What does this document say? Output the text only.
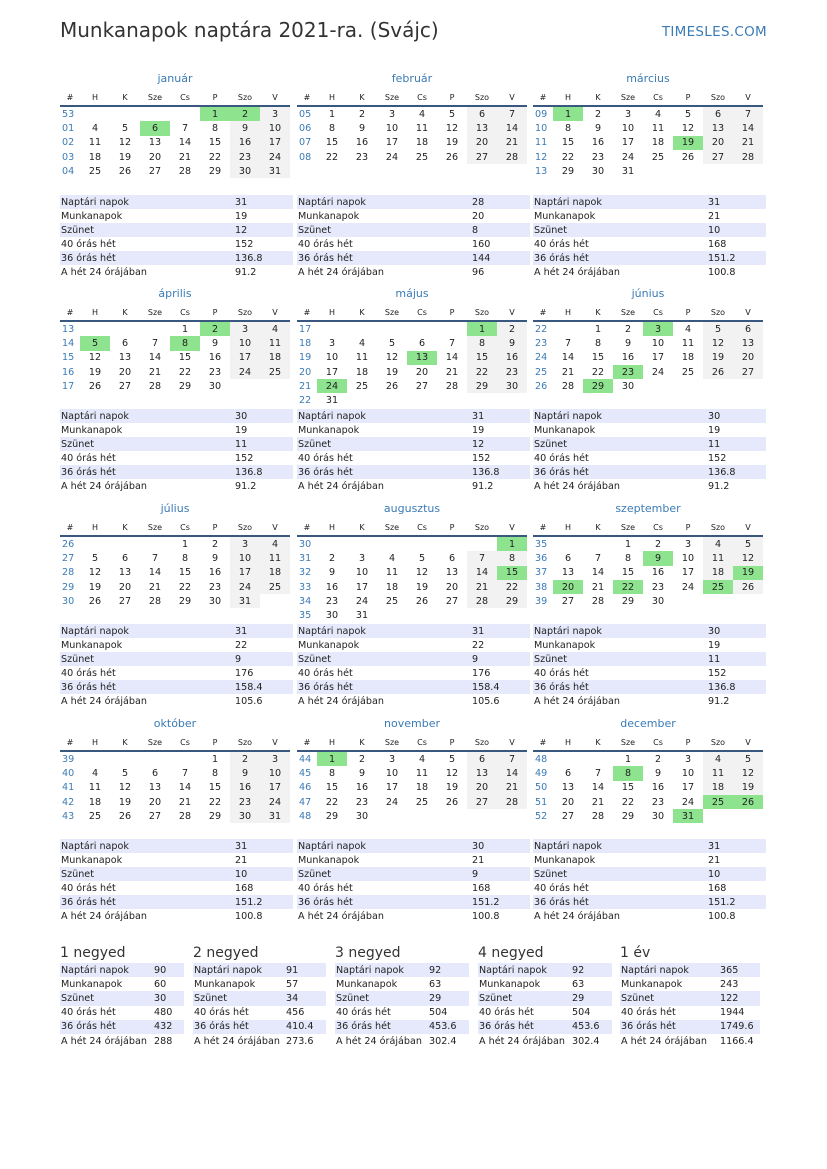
Munkanapok naptára 2021-ra. (Svájc)	TIMESLES.COM
január
#	H	K	Sze	Cs	P	Szo	V
53					1	2	3
01	4	5	6	7	8	9	10
02	11	12	13	14	15	16	17
03	18	19	20	21	22	23	24
04	25	26	27	28	29	30	31
Naptári napok	31
Munkanapok	19
Szünet	12
40 órás hét	152
36 órás hét	136.8
A hét 24 órájában	91.2
február
#	H	K	Sze	Cs	P	Szo	V
05	1	2	3	4	5	6	7
06	8	9	10	11	12	13	14
07	15	16	17	18	19	20	21
08	22	23	24	25	26	27	28
Naptári napok	28
Munkanapok	20
Szünet	8
40 órás hét	160
36 órás hét	144
A hét 24 órájában	96
március
#	H	K	Sze	Cs	P	Szo	V
09	1	2	3	4	5	6	7
10	8	9	10	11	12	13	14
11	15	16	17	18	19	20	21
12	22	23	24	25	26	27	28
13	29	30	31				
Naptári napok	31
Munkanapok	21
Szünet	10
40 órás hét	168
36 órás hét	151.2
A hét 24 órájában	100.8
április
#	H	K	Sze	Cs	P	Szo	V
13				1	2	3	4
14	5	6	7	8	9	10	11
15	12	13	14	15	16	17	18
16	19	20	21	22	23	24	25
17	26	27	28	29	30		
Naptári napok	30
Munkanapok	19
Szünet	11
40 órás hét	152
36 órás hét	136.8
A hét 24 órájában	91.2
május
#	H	K	Sze	Cs	P	Szo	V
17						1	2
18	3	4	5	6	7	8	9
19	10	11	12	13	14	15	16
20	17	18	19	20	21	22	23
21	24	25	26	27	28	29	30
22	31						
Naptári napok	31
Munkanapok	19
Szünet	12
40 órás hét	152
36 órás hét	136.8
A hét 24 órájában	91.2
június
#	H	K	Sze	Cs	P	Szo	V
22		1	2	3	4	5	6
23	7	8	9	10	11	12	13
24	14	15	16	17	18	19	20
25	21	22	23	24	25	26	27
26	28	29	30				
Naptári napok	30
Munkanapok	19
Szünet	11
40 órás hét	152
36 órás hét	136.8
A hét 24 órájában	91.2
július
#	H	K	Sze	Cs	P	Szo	V
26				1	2	3	4
27	5	6	7	8	9	10	11
28	12	13	14	15	16	17	18
29	19	20	21	22	23	24	25
30	26	27	28	29	30	31	
Naptári napok	31
Munkanapok	22
Szünet	9
40 órás hét	176
36 órás hét	158.4
A hét 24 órájában	105.6
augusztus
#	H	K	Sze	Cs	P	Szo	V
30							1
31	2	3	4	5	6	7	8
32	9	10	11	12	13	14	15
33	16	17	18	19	20	21	22
34	23	24	25	26	27	28	29
35	30	31					
Naptári napok	31
Munkanapok	22
Szünet	9
40 órás hét	176
36 órás hét	158.4
A hét 24 órájában	105.6
szeptember
#	H	K	Sze	Cs	P	Szo	V
35			1	2	3	4	5
36	6	7	8	9	10	11	12
37	13	14	15	16	17	18	19
38	20	21	22	23	24	25	26
39	27	28	29	30			
Naptári napok	30
Munkanapok	19
Szünet	11
40 órás hét	152
36 órás hét	136.8
A hét 24 órájában	91.2
október
#	H	K	Sze	Cs	P	Szo	V
39					1	2	3
40	4	5	6	7	8	9	10
41	11	12	13	14	15	16	17
42	18	19	20	21	22	23	24
43	25	26	27	28	29	30	31
Naptári napok	31
Munkanapok	21
Szünet	10
40 órás hét	168
36 órás hét	151.2
A hét 24 órájában	100.8
november
#	H	K	Sze	Cs	P	Szo	V
44	1	2	3	4	5	6	7
45	8	9	10	11	12	13	14
46	15	16	17	18	19	20	21
47	22	23	24	25	26	27	28
48	29	30					
Naptári napok	30
Munkanapok	21
Szünet	9
40 órás hét	168
36 órás hét	151.2
A hét 24 órájában	100.8
december
#	H	K	Sze	Cs	P	Szo	V
48			1	2	3	4	5
49	6	7	8	9	10	11	12
50	13	14	15	16	17	18	19
51	20	21	22	23	24	25	26
52	27	28	29	30	31		
Naptári napok	31
Munkanapok	21
Szünet	10
40 órás hét	168
36 órás hét	151.2
A hét 24 órájában	100.8
1 negyed
Naptári napok	90
Munkanapok	60
Szünet	30
40 órás hét	480
36 órás hét	432
A hét 24 órájában	288
2 negyed
Naptári napok	91
Munkanapok	57
Szünet	34
40 órás hét	456
36 órás hét	410.4
A hét 24 órájában	273.6
3 negyed
Naptári napok	92
Munkanapok	63
Szünet	29
40 órás hét	504
36 órás hét	453.6
A hét 24 órájában	302.4
4 negyed
Naptári napok	92
Munkanapok	63
Szünet	29
40 órás hét	504
36 órás hét	453.6
A hét 24 órájában	302.4
1 év
Naptári napok	365
Munkanapok	243
Szünet	122
40 órás hét	1944
36 órás hét	1749.6
A hét 24 órájában	1166.4
